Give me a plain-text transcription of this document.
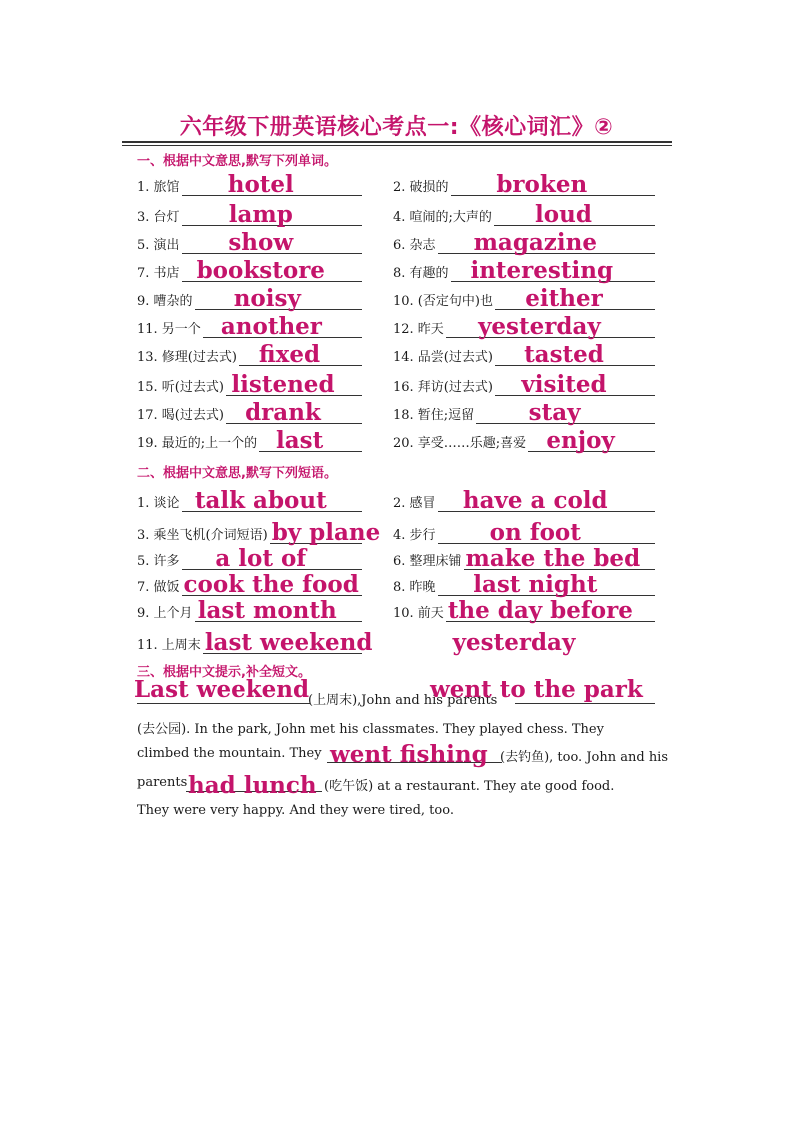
六年级下册英语核心考点一:《核心词汇》②
一、根据中文意思,默写下列单词。
1. 旅馆 hotel	2. 破损的 broken
3. 台灯 lamp	4. 喧闹的;大声的 loud
5. 演出 show	6. 杂志 magazine
7. 书店 bookstore	8. 有趣的 interesting
9. 嘈杂的 noisy	10. (否定句中)也 either
11. 另一个 another	12. 昨天 yesterday
13. 修理(过去式) fixed	14. 品尝(过去式) tasted
15. 听(过去式) listened	16. 拜访(过去式) visited
17. 喝(过去式) drank	18. 暂住;逗留 stay
19. 最近的;上一个的 last	20. 享受……乐趣;喜爱 enjoy
二、根据中文意思,默写下列短语。
1. 谈论 talk about	2. 感冒 have a cold
3. 乘坐飞机(介词短语) by plane 4. 步行 on foot
5. 许多 a lot of	6. 整理床铺 make the bed
7. 做饭 cook the food	8. 昨晚 last night
9. 上个月 last month	10. 前天 the day before
11. 上周末 last weekend	yesterday
三、根据中文提示,补全短文。
Last weekend
(上周末),John and his parents
went to the park
(去公园). In the park, John met his classmates. They played chess. They
climbed the mountain. They went fishing (去钓鱼), too. John and his
parents had lunch (吃午饭) at a restaurant. They ate good food.
They were very happy. And they were tired, too.
